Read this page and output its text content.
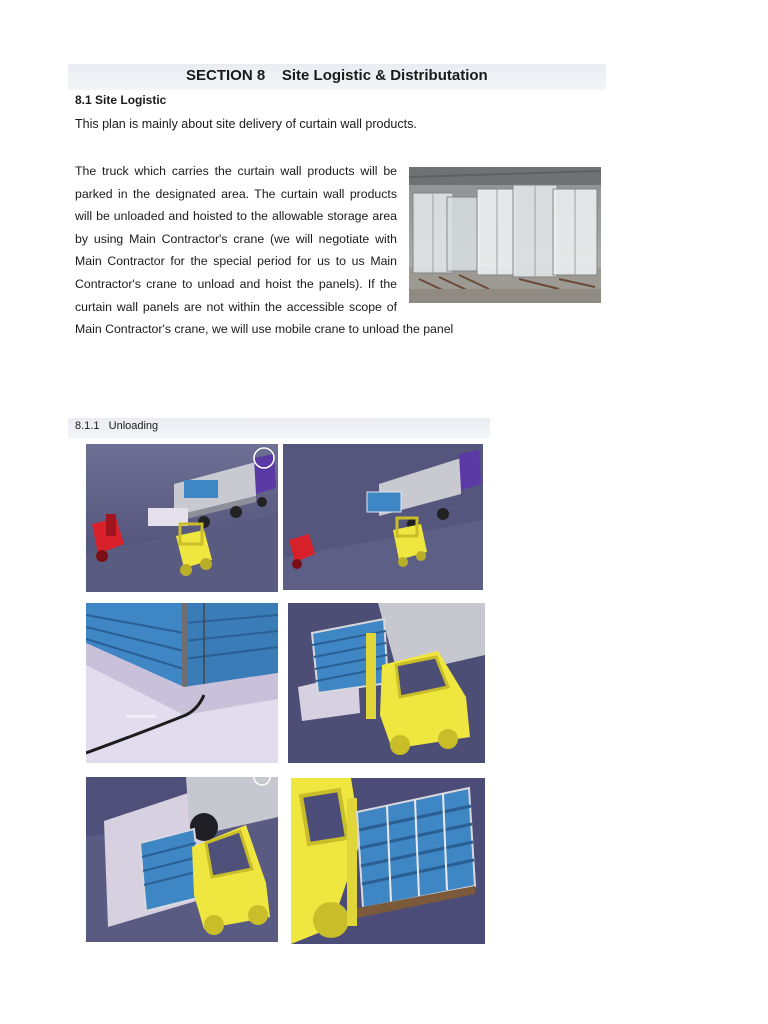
SECTION 8    Site Logistic & Distributation
8.1 Site Logistic
This plan is mainly about site delivery of curtain wall products.

The truck which carries the curtain wall products will be parked in the designated area. The curtain wall products will be unloaded and hoisted to the allowable storage area by using Main Contractor's crane (we will negotiate with Main Contractor for the special period for us to us Main Contractor's crane to unload and hoist the panels). If the curtain wall panels are not within the accessible scope of Main Contractor's crane, we will use mobile crane to unload the panel

8.1.1   Unloading
